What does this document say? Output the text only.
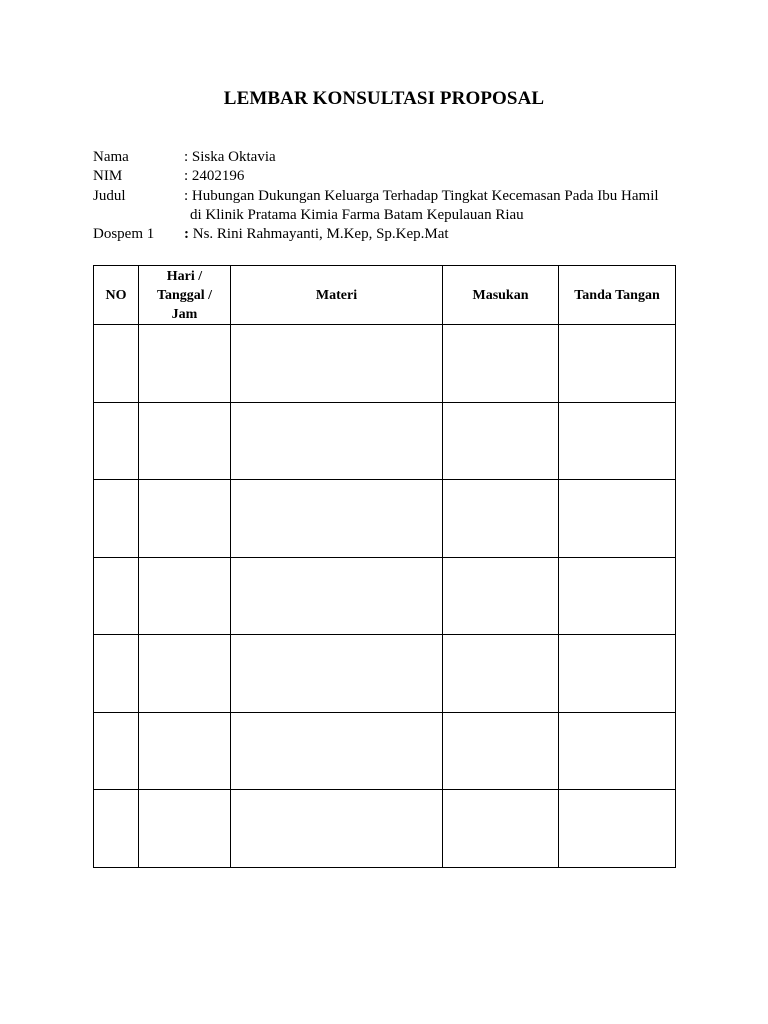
LEMBAR KONSULTASI PROPOSAL
Nama	: Siska Oktavia
NIM	: 2402196
Judul	: Hubungan Dukungan Keluarga Terhadap Tingkat Kecemasan Pada Ibu Hamil
di Klinik Pratama Kimia Farma Batam Kepulauan Riau
Dospem 1 : Ns. Rini Rahmayanti, M.Kep, Sp.Kep.Mat
NO	Hari /
Tanggal /
Jam	Materi	Masukan	Tanda Tangan
